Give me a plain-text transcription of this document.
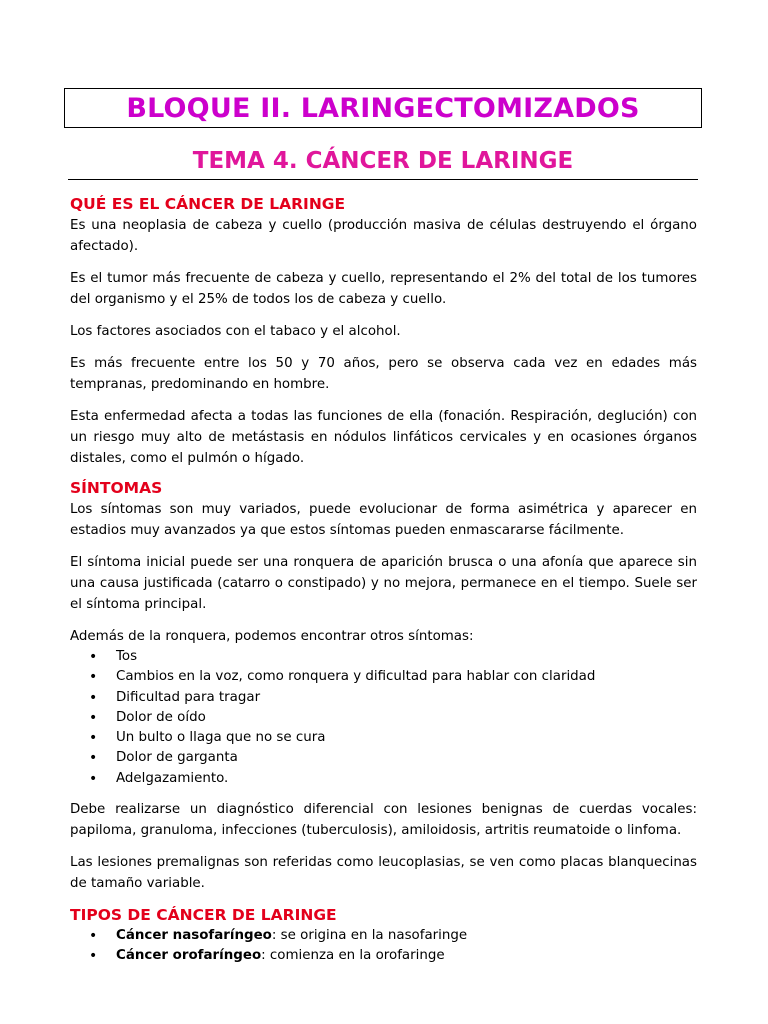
BLOQUE II. LARINGECTOMIZADOS
TEMA 4. CÁNCER DE LARINGE
QUÉ ES EL CÁNCER DE LARINGE

Es una neoplasia de cabeza y cuello (producción masiva de células destruyendo el órgano afectado).

Es el tumor más frecuente de cabeza y cuello, representando el 2% del total de los tumores del organismo y el 25% de todos los de cabeza y cuello.

Los factores asociados con el tabaco y el alcohol.

Es más frecuente entre los 50 y 70 años, pero se observa cada vez en edades más tempranas, predominando en hombre.

Esta enfermedad afecta a todas las funciones de ella (fonación. Respiración, deglución) con un riesgo muy alto de metástasis en nódulos linfáticos cervicales y en ocasiones órganos distales, como el pulmón o hígado.

SÍNTOMAS

Los síntomas son muy variados, puede evolucionar de forma asimétrica y aparecer en estadios muy avanzados ya que estos síntomas pueden enmascararse fácilmente.

El síntoma inicial puede ser una ronquera de aparición brusca o una afonía que aparece sin una causa justificada (catarro o constipado) y no mejora, permanece en el tiempo. Suele ser el síntoma principal.

Además de la ronquera, podemos encontrar otros síntomas:

• Tos
• Cambios en la voz, como ronquera y dificultad para hablar con claridad
• Dificultad para tragar
• Dolor de oído
• Un bulto o llaga que no se cura
• Dolor de garganta
• Adelgazamiento.

Debe realizarse un diagnóstico diferencial con lesiones benignas de cuerdas vocales: papiloma, granuloma, infecciones (tuberculosis), amiloidosis, artritis reumatoide o linfoma.

Las lesiones premalignas son referidas como leucoplasias, se ven como placas blanquecinas de tamaño variable.

TIPOS DE CÁNCER DE LARINGE
• Cáncer nasofaríngeo: se origina en la nasofaringe
• Cáncer orofaríngeo: comienza en la orofaringe
